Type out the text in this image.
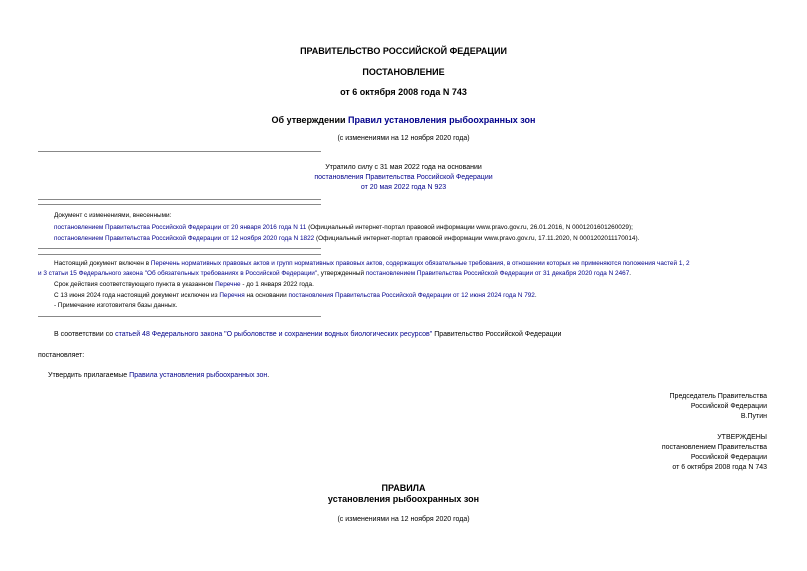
ПРАВИТЕЛЬСТВО РОССИЙСКОЙ ФЕДЕРАЦИИ
ПОСТАНОВЛЕНИЕ
от 6 октября 2008 года N 743
Об утверждении Правил установления рыбоохранных зон
(с изменениями на 12 ноября 2020 года)
Утратило силу с 31 мая 2022 года на основании
постановления Правительства Российской Федерации
от 20 мая 2022 года N 923
Документ с изменениями, внесенными:
постановлением Правительства Российской Федерации от 20 января 2016 года N 11 (Официальный интернет-портал правовой информации www.pravo.gov.ru, 26.01.2016, N 0001201601260029);
постановлением Правительства Российской Федерации от 12 ноября 2020 года N 1822 (Официальный интернет-портал правовой информации www.pravo.gov.ru, 17.11.2020, N 0001202011170014).
Настоящий документ включен в Перечень нормативных правовых актов и групп нормативных правовых актов, содержащих обязательные требования, в отношении которых не применяются положения частей 1, 2
и 3 статьи 15 Федерального закона "Об обязательных требованиях в Российской Федерации", утвержденный постановлением Правительства Российской Федерации от 31 декабря 2020 года N 2467.
Срок действия соответствующего пункта в указанном Перечне - до 1 января 2022 года.
С 13 июня 2024 года настоящий документ исключен из Перечня на основании постановления Правительства Российской Федерации от 12 июня 2024 года N 792.
- Примечание изготовителя базы данных.
В соответствии со статьей 48 Федерального закона "О рыболовстве и сохранении водных биологических ресурсов" Правительство Российской Федерации
постановляет:
Утвердить прилагаемые Правила установления рыбоохранных зон.
Председатель Правительства
Российской Федерации
В.Путин
УТВЕРЖДЕНЫ
постановлением Правительства
Российской Федерации
от 6 октября 2008 года N 743
ПРАВИЛА
установления рыбоохранных зон
(с изменениями на 12 ноября 2020 года)
